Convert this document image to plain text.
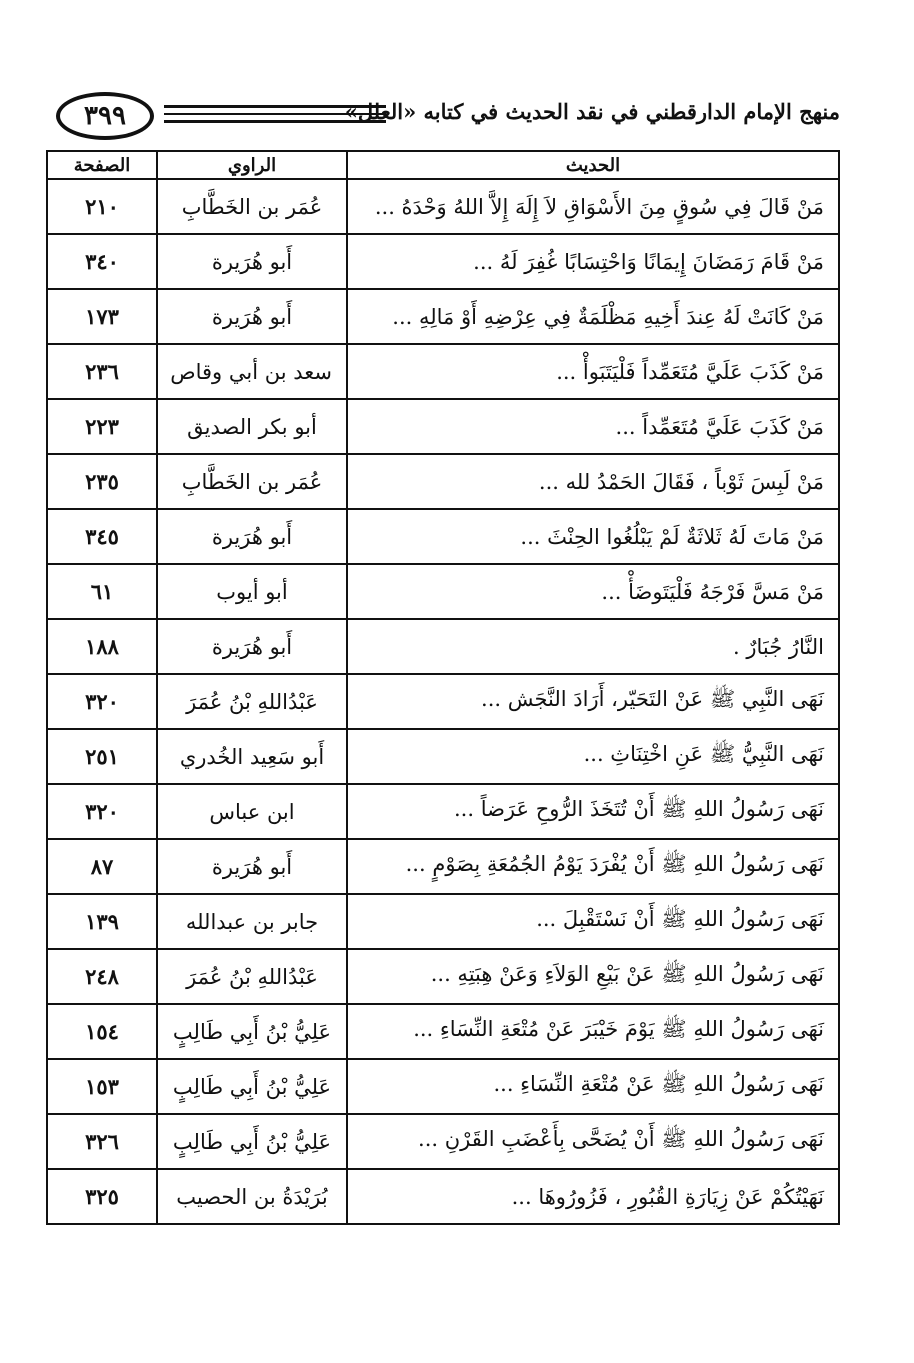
٣٩٩	منهج الإمام الدارقطني في نقد الحديث في كتابه «العلل»
الحديث	الراوي	الصفحة
مَنْ قَالَ فِي سُوقٍ مِنَ الأَسْوَاقِ لاَ إِلَهَ إِلاَّ اللهُ وَحْدَهُ ...	عُمَر بن الخَطَّابِ	٢١٠
مَنْ قَامَ رَمَضَانَ إِيمَانًا وَاحْتِسَابًا غُفِرَ لَهُ ...	أَبو هُرَيرة	٣٤٠
مَنْ كَانَتْ لَهُ عِندَ أَخِيهِ مَظْلَمَةٌ فِي عِرْضِهِ أَوْ مَالِهِ ...	أَبو هُرَيرة	١٧٣
مَنْ كَذَبَ عَلَيَّ مُتَعَمِّداً فَلْيَتَبَوأْ ...	سعد بن أبي وقاص	٢٣٦
مَنْ كَذَبَ عَلَيَّ مُتَعَمِّداً ...	أبو بكر الصديق	٢٢٣
مَنْ لَبِسَ ثَوْباً ، فَقَالَ الحَمْدُ لله ...	عُمَر بن الخَطَّابِ	٢٣٥
مَنْ مَاتَ لَهُ ثَلاثَةٌ لَمْ يَبْلُغُوا الحِنْثَ ...	أَبو هُرَيرة	٣٤٥
مَنْ مَسَّ فَرْجَهُ فَلْيَتَوضَأْ ...	أبو أيوب	٦١
النَّارُ جُبَارٌ .	أَبو هُرَيرة	١٨٨
نَهَى النَّبِي ﷺ عَنْ التَحَيّر، أَرَادَ النَّجَش ...	عَبْدُاللهِ بْنُ عُمَرَ	٣٢٠
نَهَى النَّبِيُّ ﷺ عَنِ اخْتِنَاثِ ...	أَبو سَعِيد الخُدري	٢٥١
نَهَى رَسُولُ اللهِ ﷺ أَنْ تُتَخَذَ الرُّوحِ عَرَضاً ...	ابن عباس	٣٢٠
نَهَى رَسُولُ اللهِ ﷺ أَنْ يُفْرَدَ يَوْمُ الجُمُعَةِ بِصَوْمٍ ...	أَبو هُرَيرة	٨٧
نَهَى رَسُولُ اللهِ ﷺ أَنْ نَسْتَقْبِلَ ...	جابر بن عبدالله	١٣٩
نَهَى رَسُولُ اللهِ ﷺ عَنْ بَيْعِ الوَلاَءِ وَعَنْ هِبَتِهِ ...	عَبْدُاللهِ بْنُ عُمَرَ	٢٤٨
نَهَى رَسُولُ اللهِ ﷺ يَوْمَ خَيْبَرَ عَنْ مُتْعَةِ النِّسَاءِ ...	عَلِيُّ بْنُ أَبِي طَالِبٍ	١٥٤
نَهَى رَسُولُ اللهِ ﷺ عَنْ مُتْعَةِ النِّسَاءِ ...	عَلِيُّ بْنُ أَبِي طَالِبٍ	١٥٣
نَهَى رَسُولُ اللهِ ﷺ أَنْ يُضَحَّى بِأَعْضَبِ القَرْنِ ...	عَلِيُّ بْنُ أَبِي طَالِبٍ	٣٢٦
نَهَيْتُكُمْ عَنْ زِيَارَةِ القُبُورِ ، فَزُورُوهَا ...	بُرَيْدَةُ بن الحصيب	٣٢٥
